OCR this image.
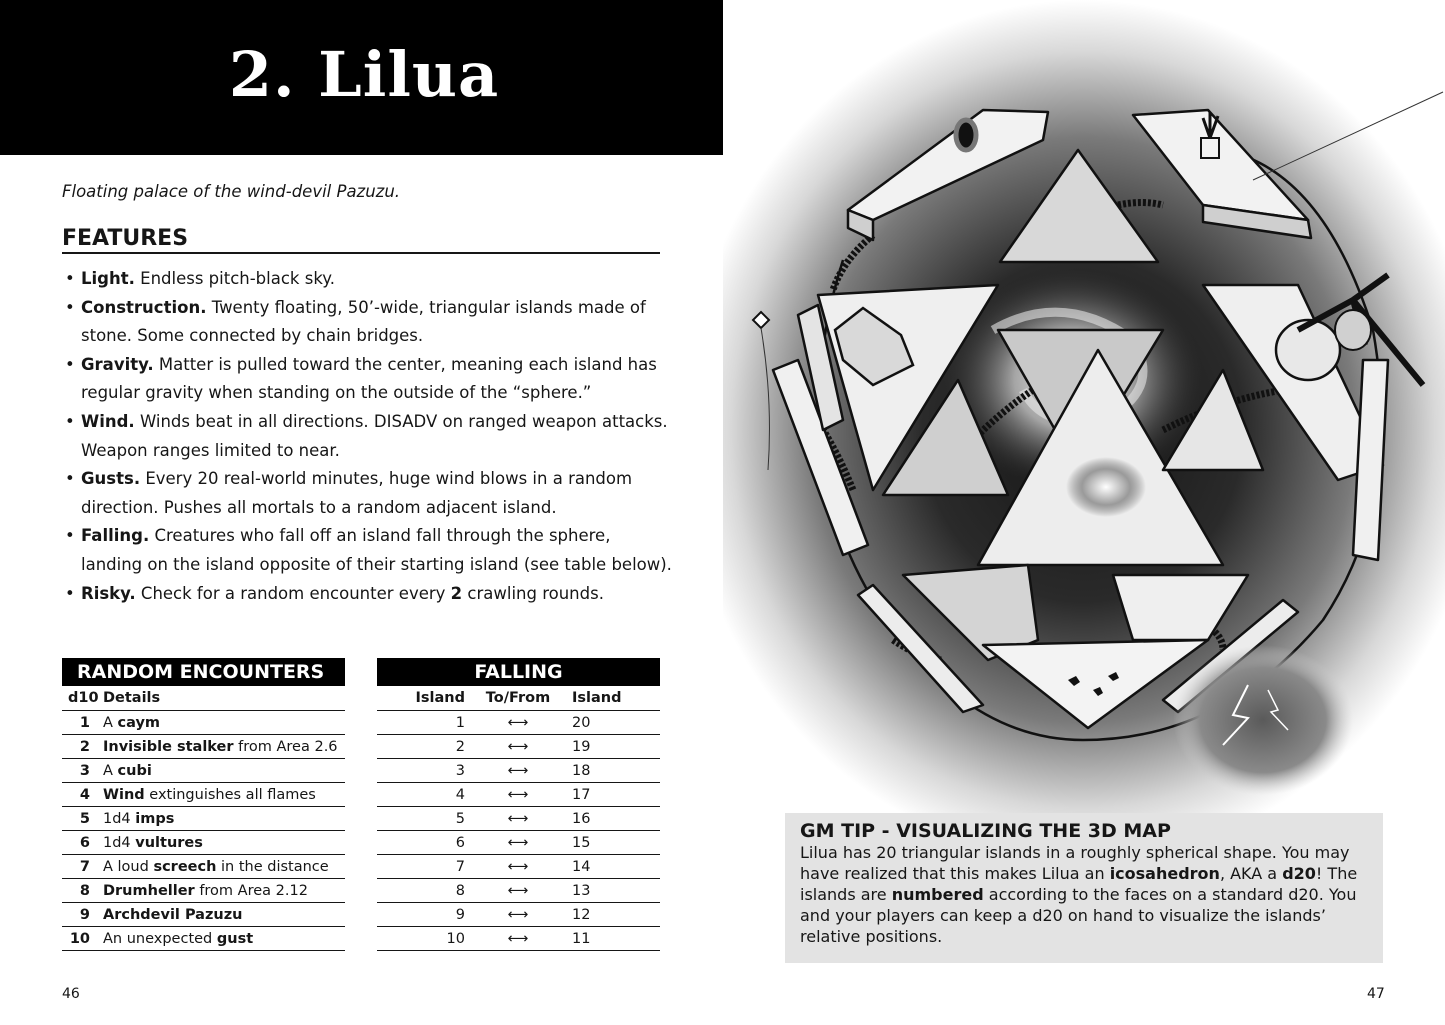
2. Lilua
Floating palace of the wind-devil Pazuzu.
FEATURES
• Light. Endless pitch-black sky.
• Construction. Twenty floating, 50’-wide, triangular islands made of stone. Some connected by chain bridges.
• Gravity. Matter is pulled toward the center, meaning each island has regular gravity when standing on the outside of the “sphere.”
• Wind. Winds beat in all directions. DISADV on ranged weapon attacks. Weapon ranges limited to near.
• Gusts. Every 20 real-world minutes, huge wind blows in a random direction. Pushes all mortals to a random adjacent island.
• Falling. Creatures who fall off an island fall through the sphere, landing on the island opposite of their starting island (see table below).
• Risky. Check for a random encounter every 2 crawling rounds.
RANDOM ENCOUNTERS
d10 Details
1 A caym
2 Invisible stalker from Area 2.6
3 A cubi
4 Wind extinguishes all flames
5 1d4 imps
6 1d4 vultures
7 A loud screech in the distance
8 Drumheller from Area 2.12
9 Archdevil Pazuzu
10 An unexpected gust
FALLING
Island	To/From	Island
1	⟷	20
2	⟷	19
3	⟷	18
4	⟷	17
5	⟷	16
6	⟷	15
7	⟷	14
8	⟷	13
9	⟷	12
10	⟷	11
46	47
GM TIP - VISUALIZING THE 3D MAP
Lilua has 20 triangular islands in a roughly spherical shape. You may have realized that this makes Lilua an icosahedron, AKA a d20! The islands are numbered according to the faces on a standard d20. You and your players can keep a d20 on hand to visualize the islands’ relative positions.
